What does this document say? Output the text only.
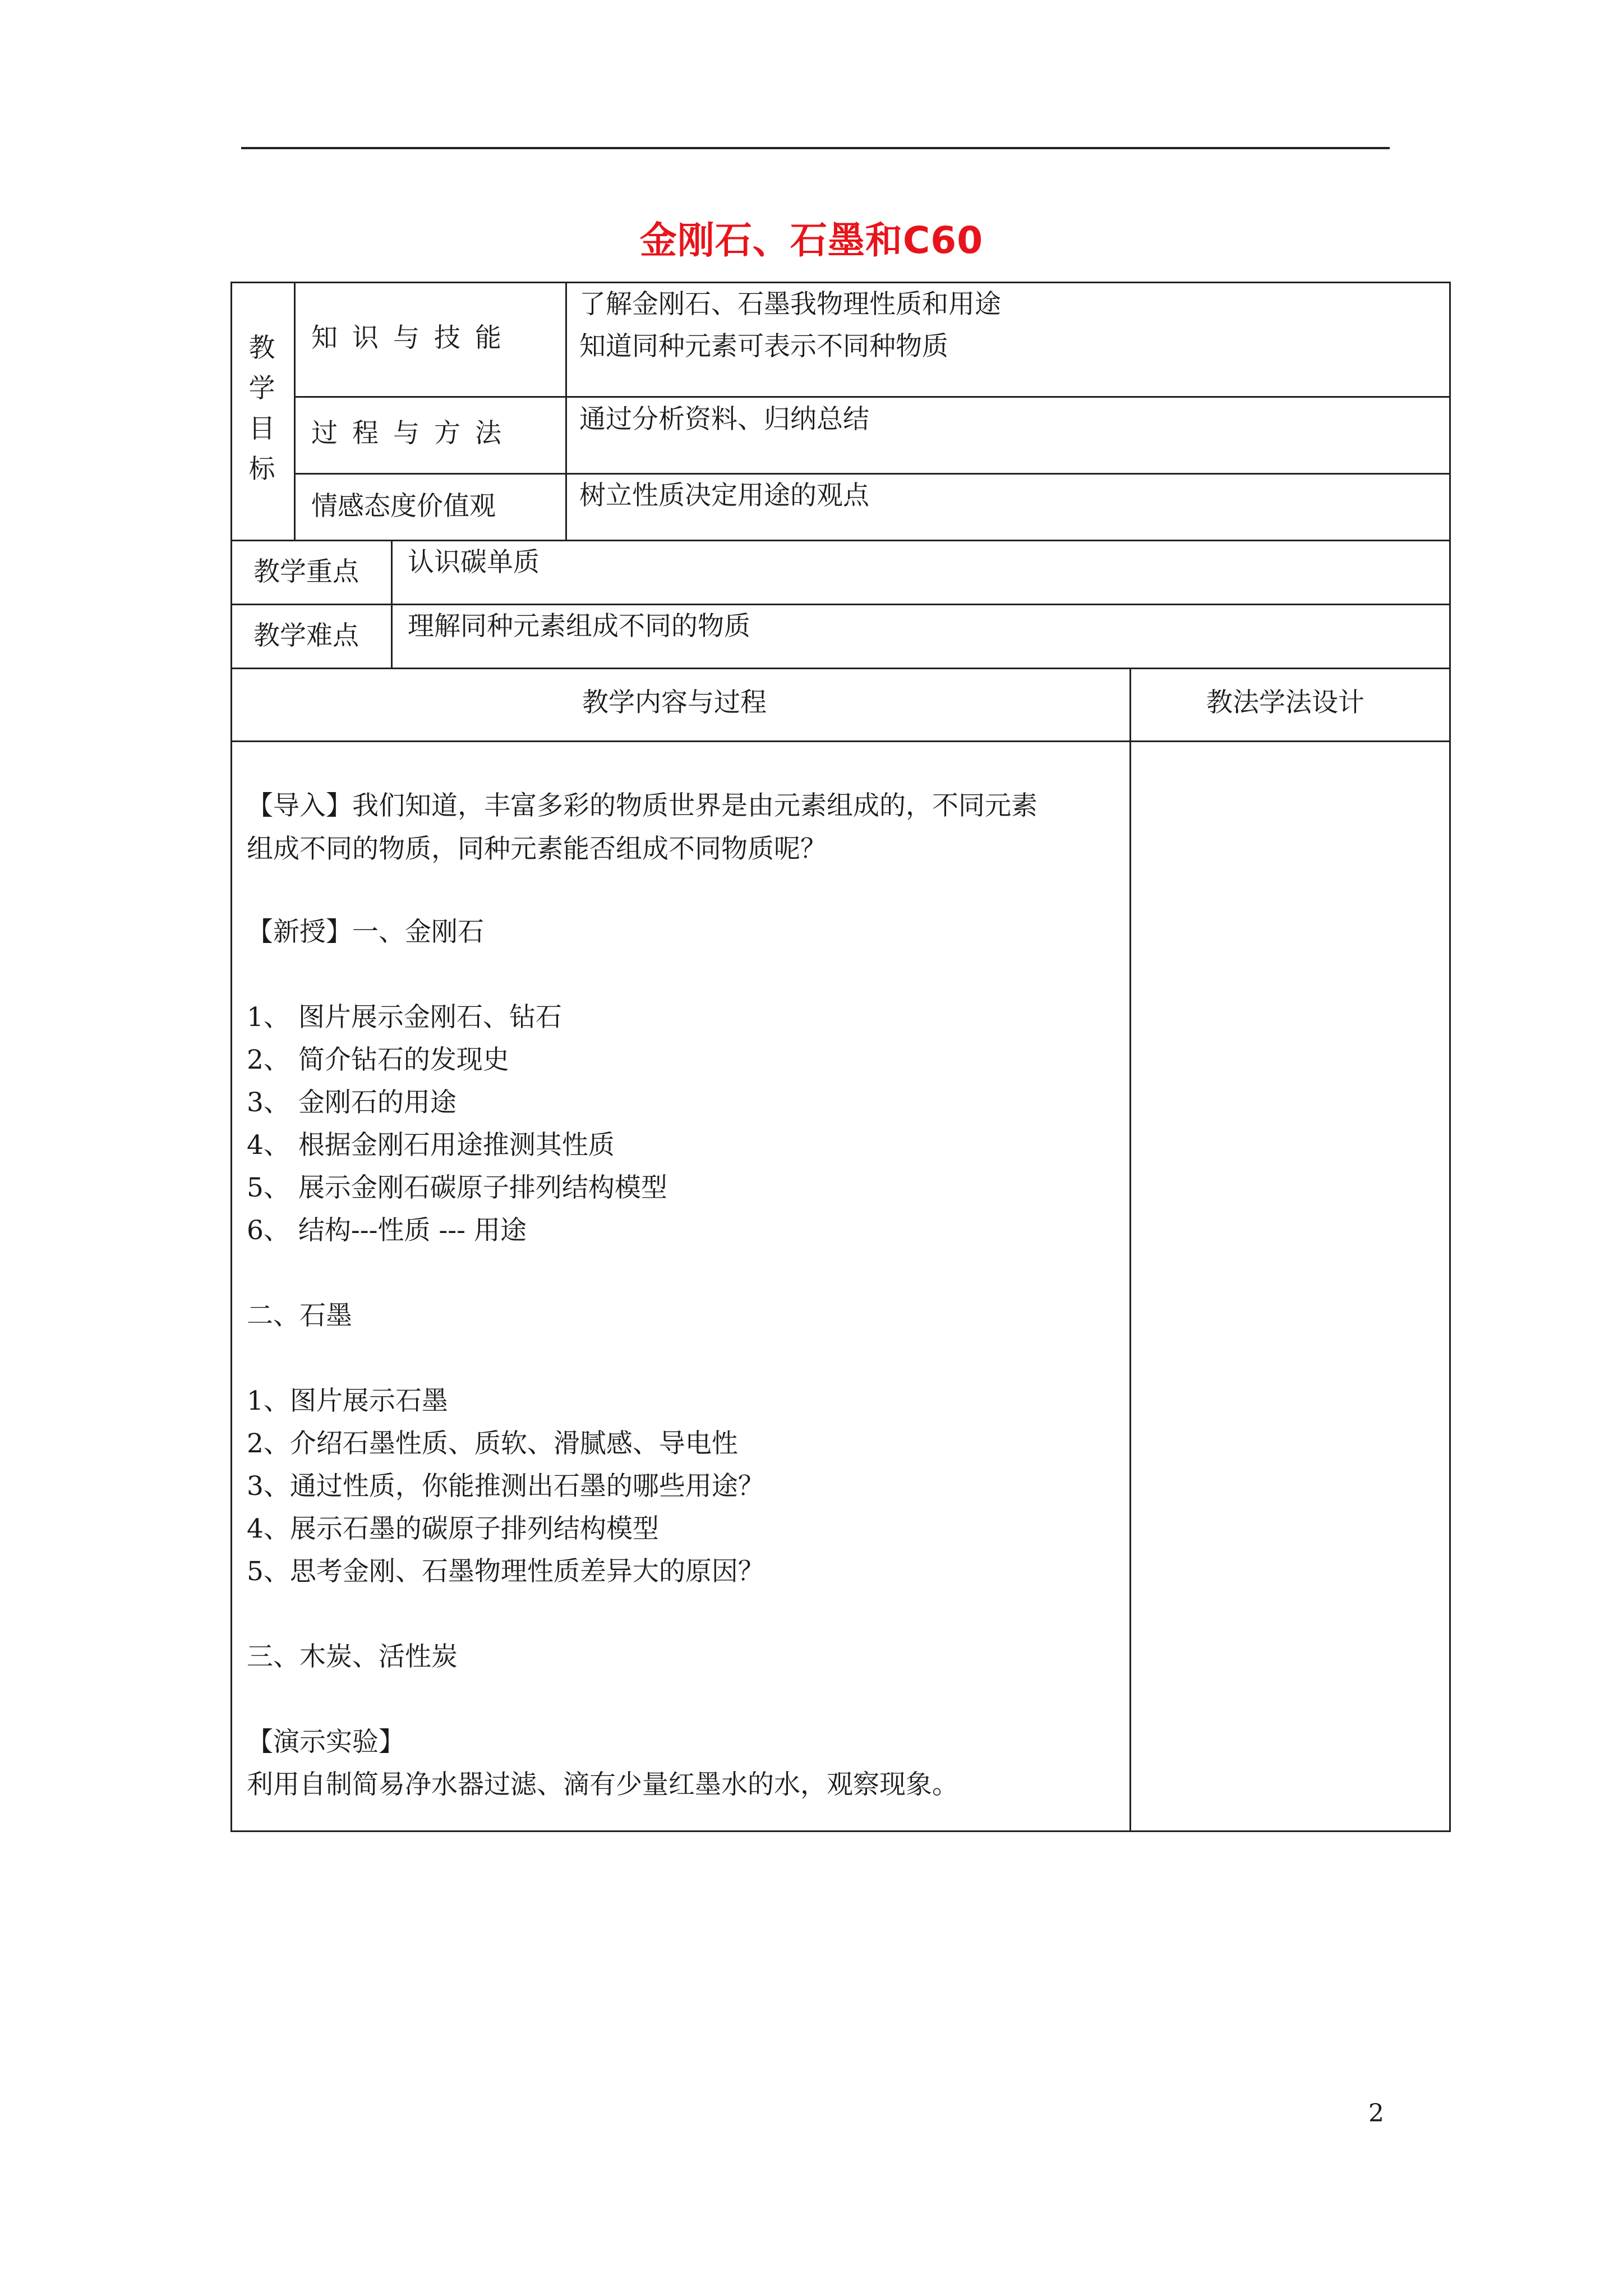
金刚石、石墨和C60
教
学
目
标
知识与技能
了解金刚石、石墨我物理性质和用途
知道同种元素可表示不同种物质
过程与方法 通过分析资料、归纳总结
情感态度价值观	树立性质决定用途的观点
教学重点 认识碳单质
教学难点 理解同种元素组成不同的物质
教学内容与过程	教法学法设计
【导入】我们知道，丰富多彩的物质世界是由元素组成的，不同元素
组成不同的物质，同种元素能否组成不同物质呢？
【新授】一、金刚石
1、 图片展示金刚石、钻石
2、 简介钻石的发现史
3、 金刚石的用途
4、 根据金刚石用途推测其性质
5、 展示金刚石碳原子排列结构模型
6、 结构---性质 --- 用途
二、石墨
1、图片展示石墨
2、介绍石墨性质、质软、滑腻感、导电性
3、通过性质，你能推测出石墨的哪些用途？
4、展示石墨的碳原子排列结构模型
5、思考金刚、石墨物理性质差异大的原因？
三、木炭、活性炭
【演示实验】
利用自制简易净水器过滤、滴有少量红墨水的水，观察现象。
2
